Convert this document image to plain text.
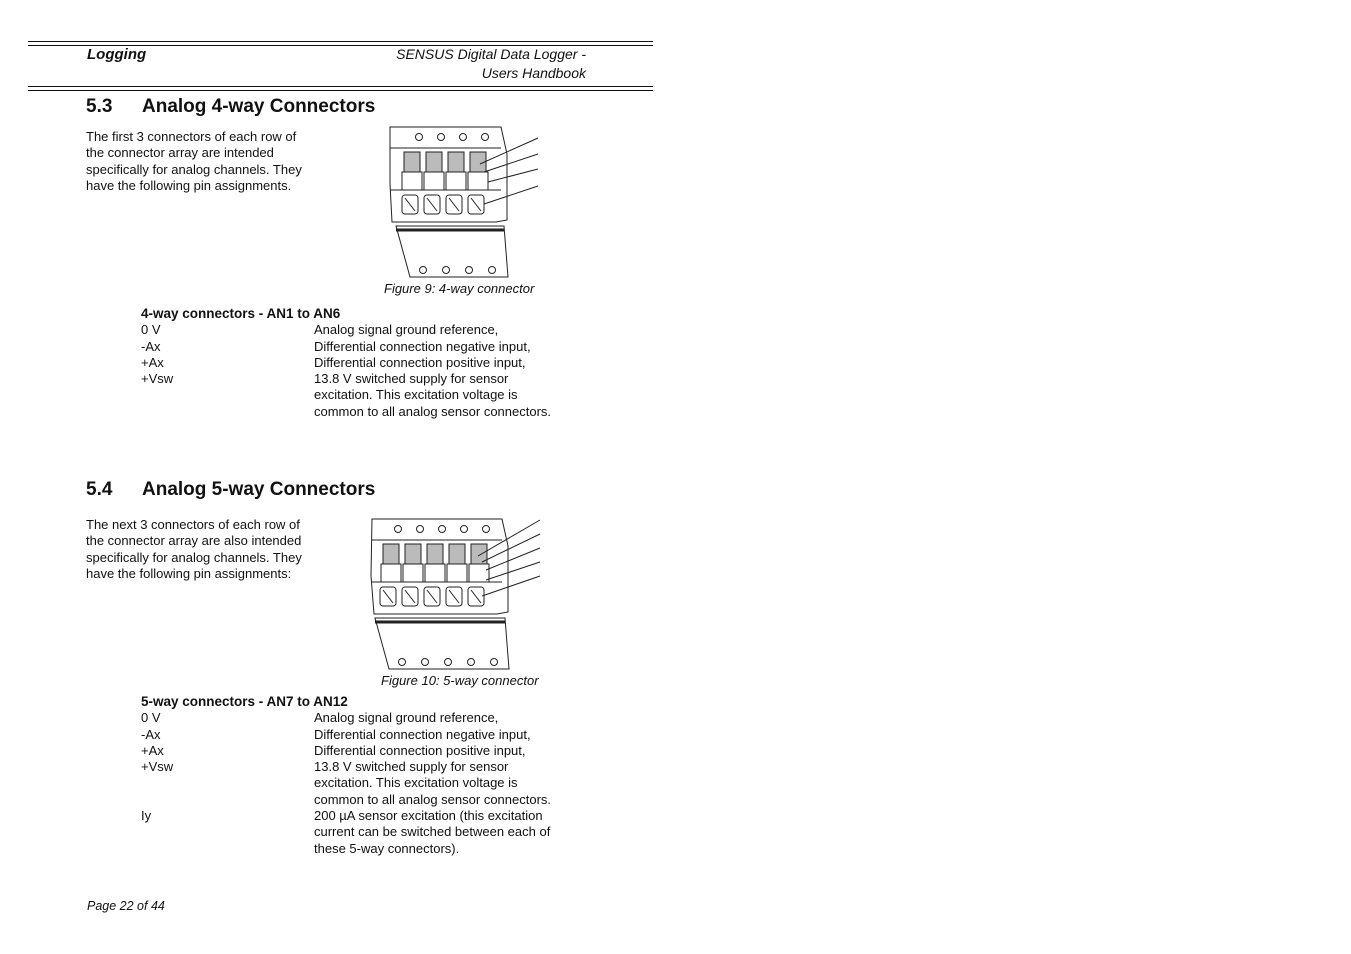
Logging	SENSUS Digital Data Logger -
Users Handbook
5.3 Analog 4-way Connectors
The first 3 connectors of each row of
the connector array are intended
specifically for analog channels. They
have the following pin assignments.
Figure 9: 4-way connector
4-way connectors - AN1 to AN6
0 V	Analog signal ground reference,
-Ax	Differential connection negative input,
+Ax	Differential connection positive input,
+Vsw	13.8 V switched supply for sensor
excitation. This excitation voltage is
common to all analog sensor connectors.
5.4 Analog 5-way Connectors
The next 3 connectors of each row of
the connector array are also intended
specifically for analog channels. They
have the following pin assignments:
Figure 10: 5-way connector
5-way connectors - AN7 to AN12
0 V	Analog signal ground reference,
-Ax	Differential connection negative input,
+Ax	Differential connection positive input,
+Vsw	13.8 V switched supply for sensor
excitation. This excitation voltage is
common to all analog sensor connectors.
Iy	200 µA sensor excitation (this excitation
current can be switched between each of
these 5-way connectors).
Page 22 of 44
